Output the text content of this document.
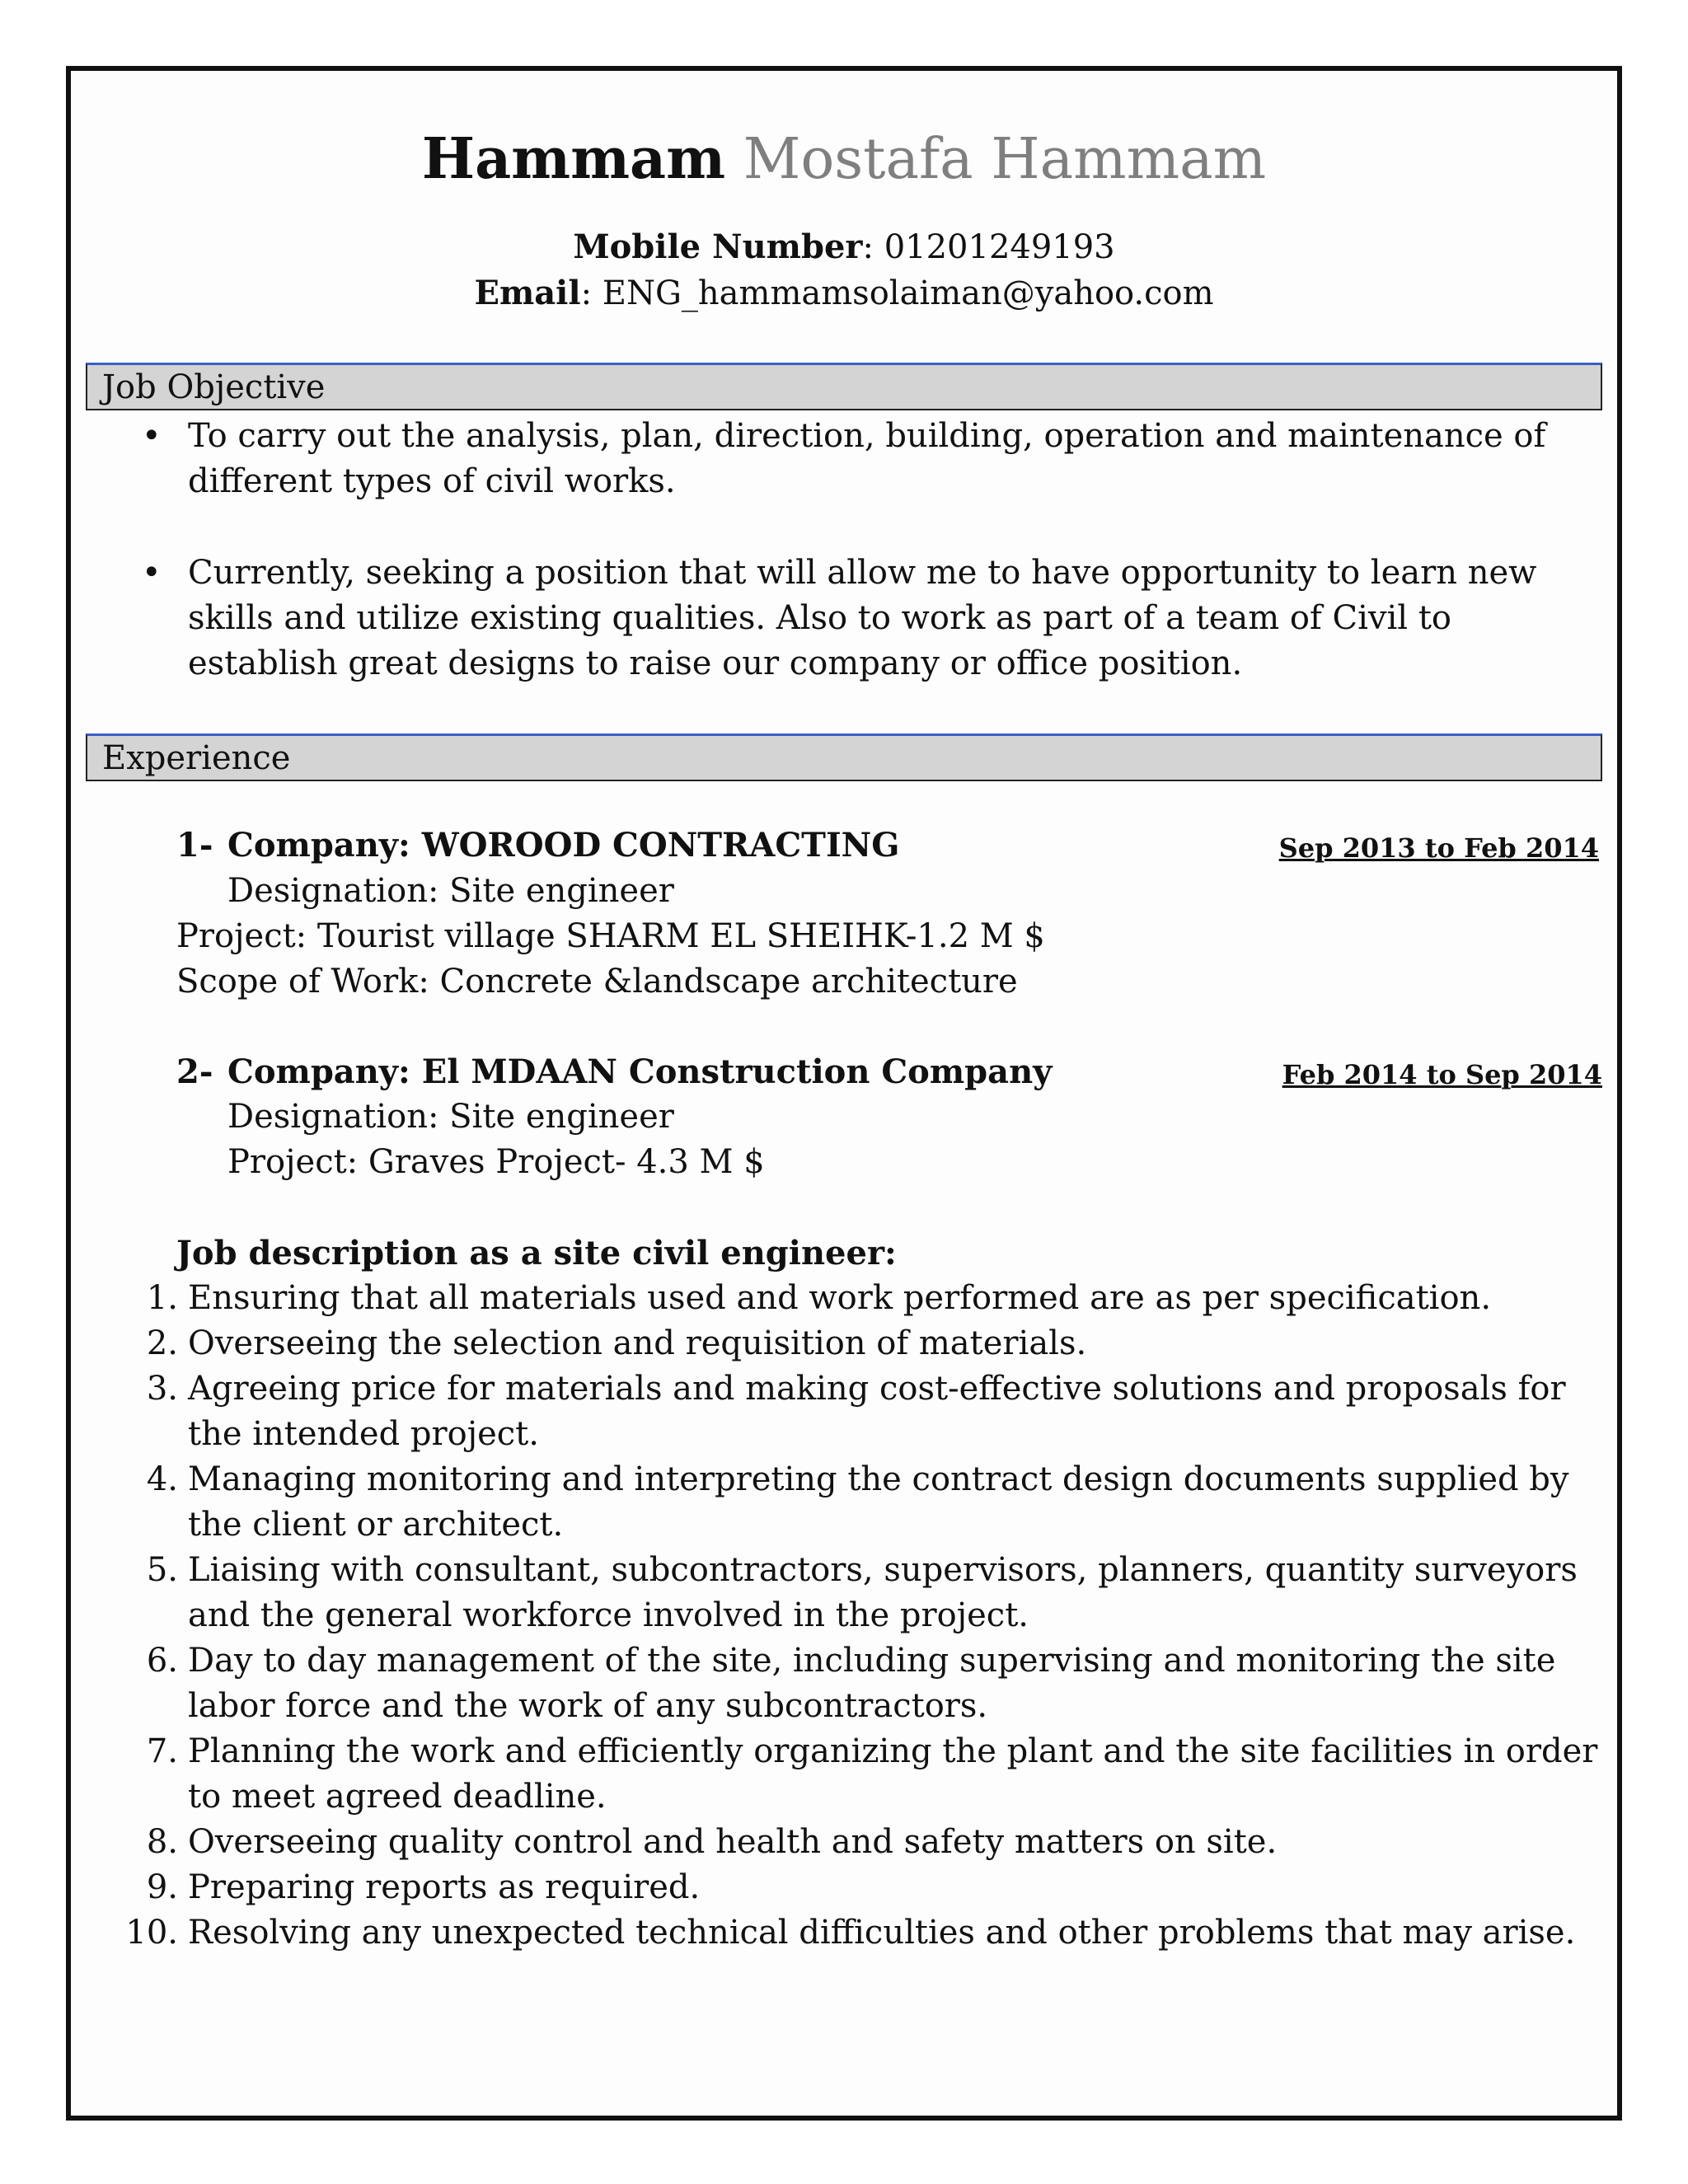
Hammam Mostafa Hammam
Mobile Number: 01201249193
Email: ENG_hammamsolaiman@yahoo.com
Job Objective
• To carry out the analysis, plan, direction, building, operation and maintenance of different types of civil works.
• Currently, seeking a position that will allow me to have opportunity to learn new skills and utilize existing qualities. Also to work as part of a team of Civil to establish great designs to raise our company or office position.
Experience
1- Company: WOROOD CONTRACTING	Sep 2013 to Feb 2014
Designation: Site engineer
Project: Tourist village SHARM EL SHEIHK-1.2 M $
Scope of Work: Concrete &landscape architecture
2- Company: El MDAAN Construction Company	Feb 2014 to Sep 2014
Designation: Site engineer
Project: Graves Project- 4.3 M $
Job description as a site civil engineer:
1. Ensuring that all materials used and work performed are as per specification.
2. Overseeing the selection and requisition of materials.
3. Agreeing price for materials and making cost-effective solutions and proposals for the intended project.
4. Managing monitoring and interpreting the contract design documents supplied by the client or architect.
5. Liaising with consultant, subcontractors, supervisors, planners, quantity surveyors and the general workforce involved in the project.
6. Day to day management of the site, including supervising and monitoring the site labor force and the work of any subcontractors.
7. Planning the work and efficiently organizing the plant and the site facilities in order to meet agreed deadline.
8. Overseeing quality control and health and safety matters on site.
9. Preparing reports as required.
10. Resolving any unexpected technical difficulties and other problems that may arise.
